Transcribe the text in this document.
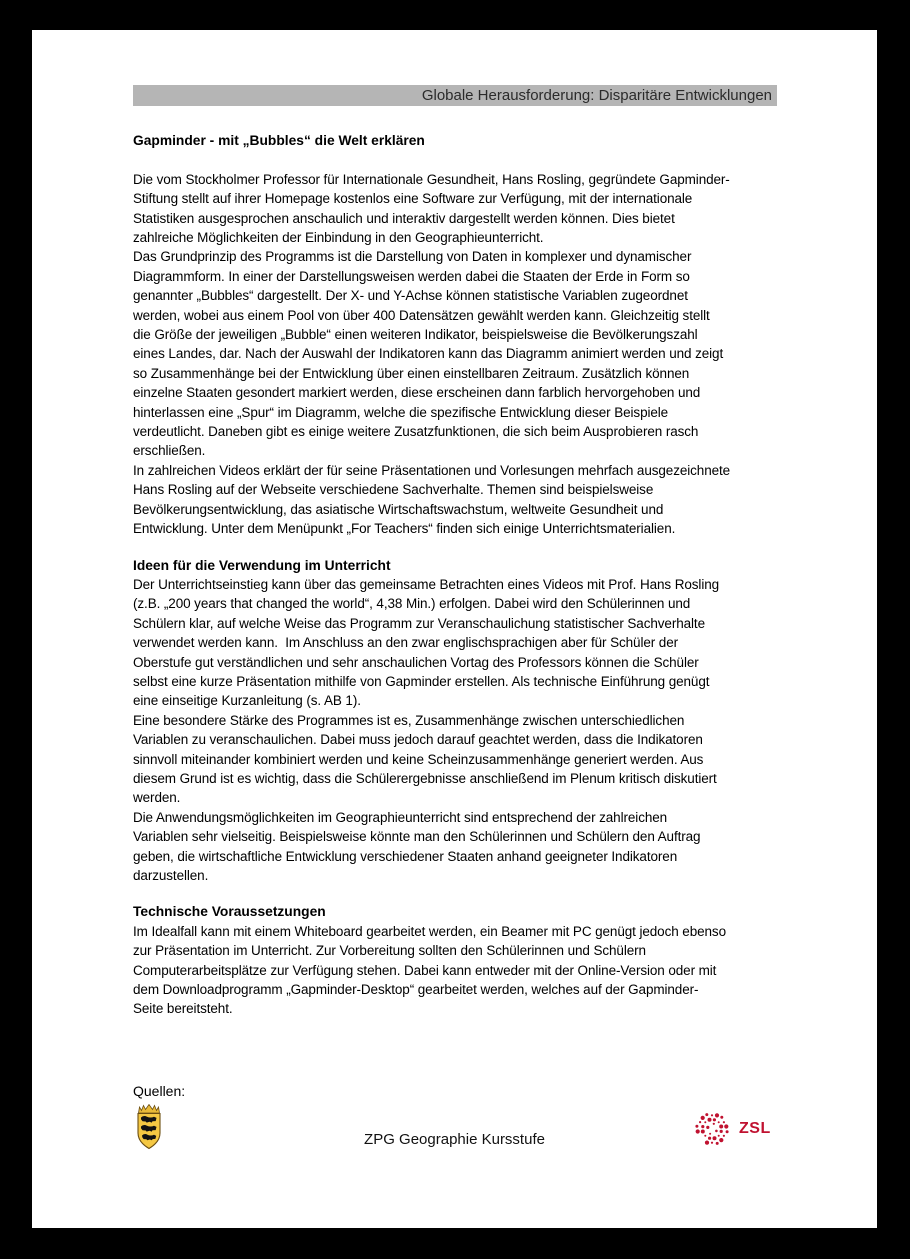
Globale Herausforderung: Disparitäre Entwicklungen
Gapminder - mit „Bubbles“ die Welt erklären
Die vom Stockholmer Professor für Internationale Gesundheit, Hans Rosling, gegründete Gapminder-
Stiftung stellt auf ihrer Homepage kostenlos eine Software zur Verfügung, mit der internationale
Statistiken ausgesprochen anschaulich und interaktiv dargestellt werden können. Dies bietet
zahlreiche Möglichkeiten der Einbindung in den Geographieunterricht.
Das Grundprinzip des Programms ist die Darstellung von Daten in komplexer und dynamischer
Diagrammform. In einer der Darstellungsweisen werden dabei die Staaten der Erde in Form so
genannter „Bubbles“ dargestellt. Der X- und Y-Achse können statistische Variablen zugeordnet
werden, wobei aus einem Pool von über 400 Datensätzen gewählt werden kann. Gleichzeitig stellt
die Größe der jeweiligen „Bubble“ einen weiteren Indikator, beispielsweise die Bevölkerungszahl
eines Landes, dar. Nach der Auswahl der Indikatoren kann das Diagramm animiert werden und zeigt
so Zusammenhänge bei der Entwicklung über einen einstellbaren Zeitraum. Zusätzlich können
einzelne Staaten gesondert markiert werden, diese erscheinen dann farblich hervorgehoben und
hinterlassen eine „Spur“ im Diagramm, welche die spezifische Entwicklung dieser Beispiele
verdeutlicht. Daneben gibt es einige weitere Zusatzfunktionen, die sich beim Ausprobieren rasch
erschließen.
In zahlreichen Videos erklärt der für seine Präsentationen und Vorlesungen mehrfach ausgezeichnete
Hans Rosling auf der Webseite verschiedene Sachverhalte. Themen sind beispielsweise
Bevölkerungsentwicklung, das asiatische Wirtschaftswachstum, weltweite Gesundheit und
Entwicklung. Unter dem Menüpunkt „For Teachers“ finden sich einige Unterrichtsmaterialien.
Ideen für die Verwendung im Unterricht
Der Unterrichtseinstieg kann über das gemeinsame Betrachten eines Videos mit Prof. Hans Rosling
(z.B. „200 years that changed the world“, 4,38 Min.) erfolgen. Dabei wird den Schülerinnen und
Schülern klar, auf welche Weise das Programm zur Veranschaulichung statistischer Sachverhalte
verwendet werden kann.  Im Anschluss an den zwar englischsprachigen aber für Schüler der
Oberstufe gut verständlichen und sehr anschaulichen Vortag des Professors können die Schüler
selbst eine kurze Präsentation mithilfe von Gapminder erstellen. Als technische Einführung genügt
eine einseitige Kurzanleitung (s. AB 1).
Eine besondere Stärke des Programmes ist es, Zusammenhänge zwischen unterschiedlichen
Variablen zu veranschaulichen. Dabei muss jedoch darauf geachtet werden, dass die Indikatoren
sinnvoll miteinander kombiniert werden und keine Scheinzusammenhänge generiert werden. Aus
diesem Grund ist es wichtig, dass die Schülerergebnisse anschließend im Plenum kritisch diskutiert
werden.
Die Anwendungsmöglichkeiten im Geographieunterricht sind entsprechend der zahlreichen
Variablen sehr vielseitig. Beispielsweise könnte man den Schülerinnen und Schülern den Auftrag
geben, die wirtschaftliche Entwicklung verschiedener Staaten anhand geeigneter Indikatoren
darzustellen.
Technische Voraussetzungen
Im Idealfall kann mit einem Whiteboard gearbeitet werden, ein Beamer mit PC genügt jedoch ebenso
zur Präsentation im Unterricht. Zur Vorbereitung sollten den Schülerinnen und Schülern
Computerarbeitsplätze zur Verfügung stehen. Dabei kann entweder mit der Online-Version oder mit
dem Downloadprogramm „Gapminder-Desktop“ gearbeitet werden, welches auf der Gapminder-
Seite bereitsteht.

Quellen:
ZPG Geographie Kursstufe
ZSL
